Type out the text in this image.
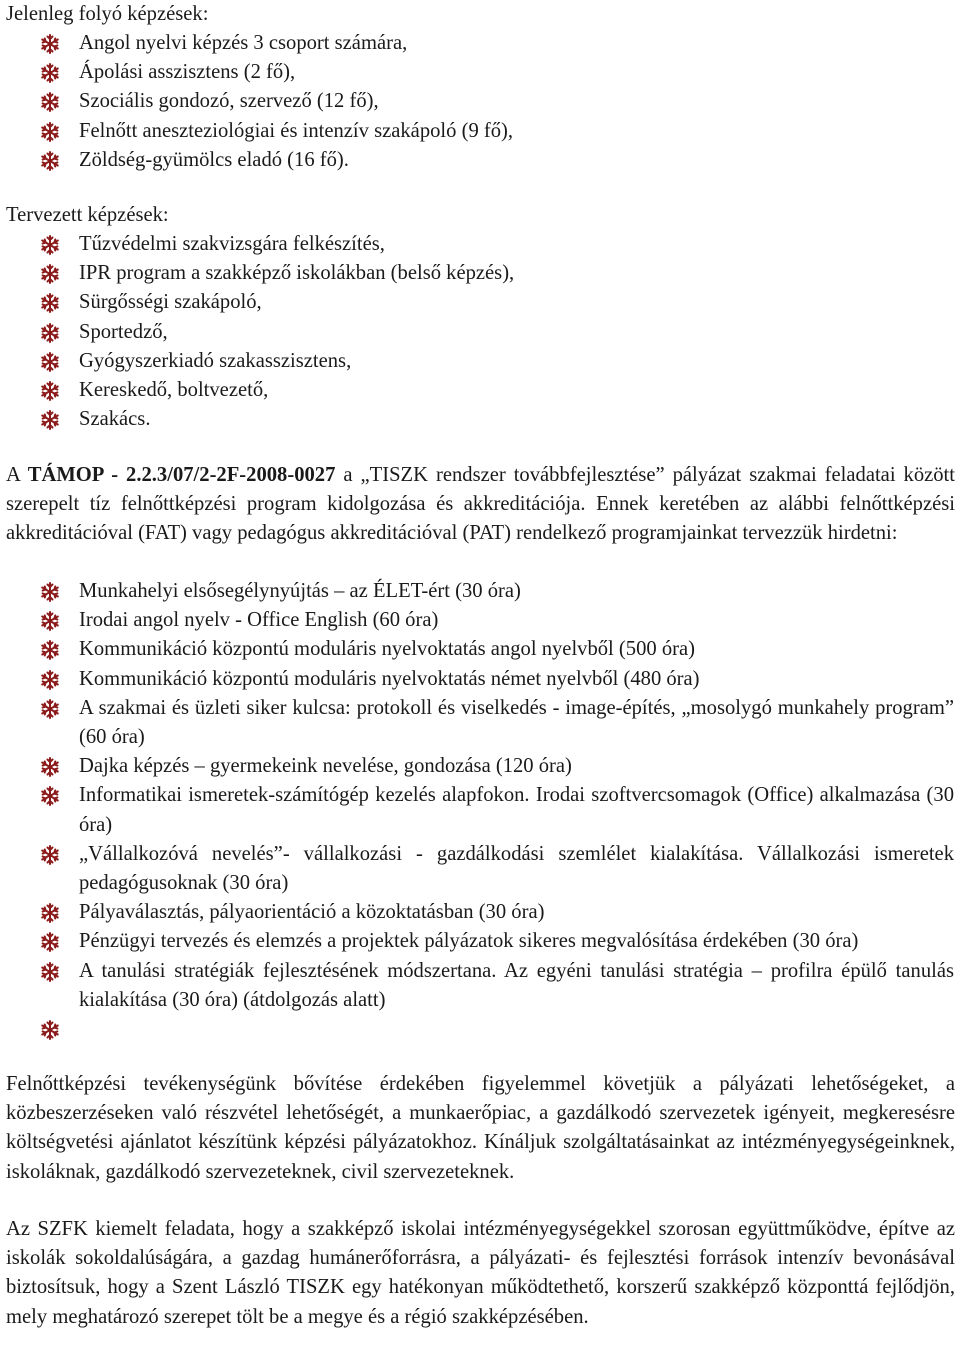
Jelenleg folyó képzések:
Angol nyelvi képzés 3 csoport számára,
Ápolási asszisztens (2 fő),
Szociális gondozó, szervező (12 fő),
Felnőtt aneszteziológiai és intenzív szakápoló (9 fő),
Zöldség-gyümölcs eladó (16 fő).
Tervezett képzések:
Tűzvédelmi szakvizsgára felkészítés,
IPR program a szakképző iskolákban (belső képzés),
Sürgősségi szakápoló,
Sportedző,
Gyógyszerkiadó szakasszisztens,
Kereskedő, boltvezető,
Szakács.

A TÁMOP - 2.2.3/07/2-2F-2008-0027 a „TISZK rendszer továbbfejlesztése” pályázat szakmai feladatai között szerepelt tíz felnőttképzési program kidolgozása és akkreditációja. Ennek keretében az alábbi felnőttképzési akkreditációval (FAT) vagy pedagógus akkreditációval (PAT) rendelkező programjainkat tervezzük hirdetni:

Munkahelyi elsősegélynyújtás – az ÉLET-ért (30 óra)
Irodai angol nyelv - Office English (60 óra)
Kommunikáció központú moduláris nyelvoktatás angol nyelvből (500 óra)
Kommunikáció központú moduláris nyelvoktatás német nyelvből (480 óra)
A szakmai és üzleti siker kulcsa: protokoll és viselkedés - image-építés, „mosolygó munkahely program” (60 óra)
Dajka képzés – gyermekeink nevelése, gondozása (120 óra)
Informatikai ismeretek-számítógép kezelés alapfokon. Irodai szoftvercsomagok (Office) alkalmazása (30 óra)
„Vállalkozóvá nevelés”- vállalkozási - gazdálkodási szemlélet kialakítása. Vállalkozási ismeretek pedagógusoknak (30 óra)
Pályaválasztás, pályaorientáció a közoktatásban (30 óra)
Pénzügyi tervezés és elemzés a projektek pályázatok sikeres megvalósítása érdekében (30 óra)
A tanulási stratégiák fejlesztésének módszertana. Az egyéni tanulási stratégia – profilra épülő tanulás kialakítása (30 óra) (átdolgozás alatt)

Felnőttképzési tevékenységünk bővítése érdekében figyelemmel követjük a pályázati lehetőségeket, a közbeszerzéseken való részvétel lehetőségét, a munkaerőpiac, a gazdálkodó szervezetek igényeit, megkeresésre költségvetési ajánlatot készítünk képzési pályázatokhoz. Kínáljuk szolgáltatásainkat az intézményegységeinknek, iskoláknak, gazdálkodó szervezeteknek, civil szervezeteknek.

Az SZFK kiemelt feladata, hogy a szakképző iskolai intézményegységekkel szorosan együttműködve, építve az iskolák sokoldalúságára, a gazdag humánerőforrásra, a pályázati- és fejlesztési források intenzív bevonásával biztosítsuk, hogy a Szent László TISZK egy hatékonyan működtethető, korszerű szakképző központtá fejlődjön, mely meghatározó szerepet tölt be a megye és a régió szakképzésében.
